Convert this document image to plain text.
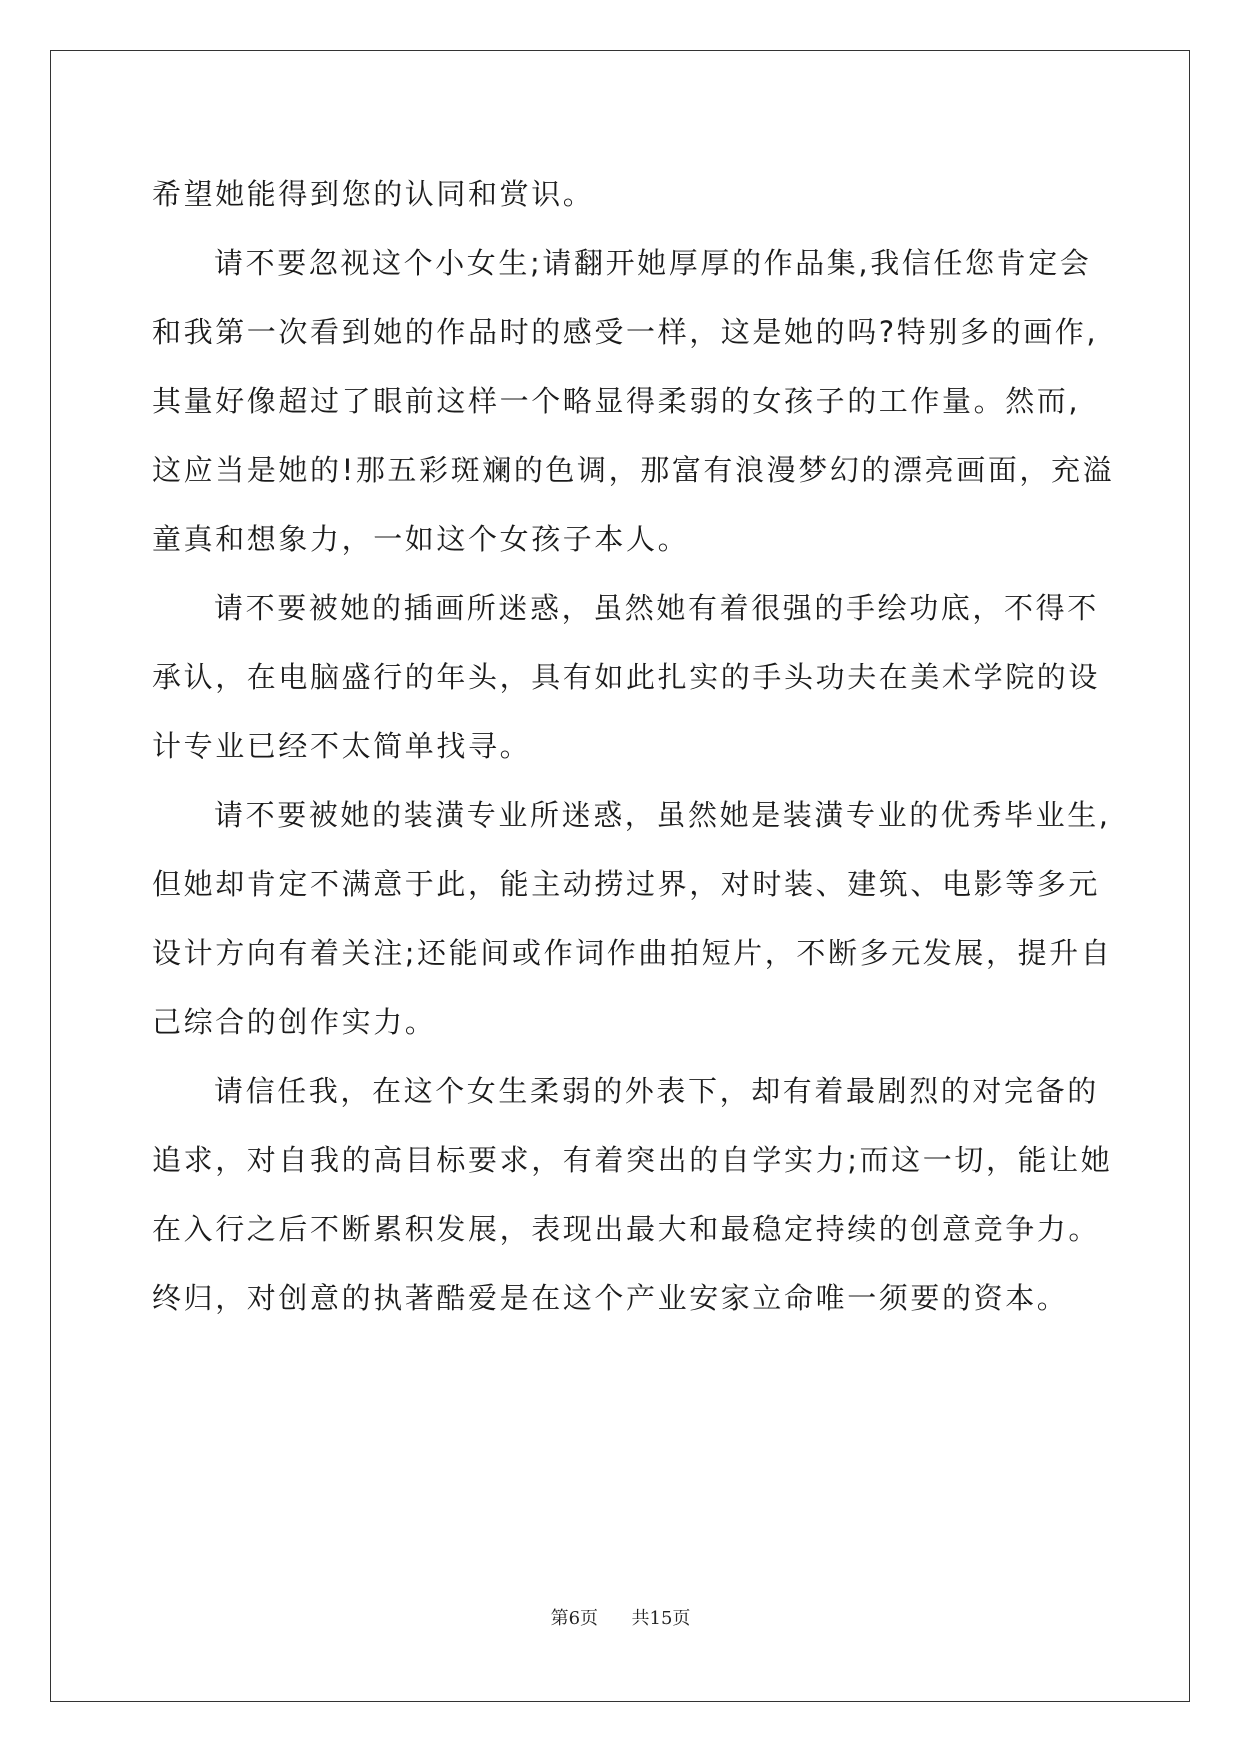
希望她能得到您的认同和赏识。
请不要忽视这个小女生;请翻开她厚厚的作品集,我信任您肯定会
和我第一次看到她的作品时的感受一样，这是她的吗?特别多的画作,
其量好像超过了眼前这样一个略显得柔弱的女孩子的工作量。然而,
这应当是她的!那五彩斑斓的色调，那富有浪漫梦幻的漂亮画面，充溢
童真和想象力，一如这个女孩子本人。
请不要被她的插画所迷惑，虽然她有着很强的手绘功底，不得不
承认，在电脑盛行的年头，具有如此扎实的手头功夫在美术学院的设
计专业已经不太简单找寻。
请不要被她的装潢专业所迷惑，虽然她是装潢专业的优秀毕业生,
但她却肯定不满意于此，能主动捞过界，对时装、建筑、电影等多元
设计方向有着关注;还能间或作词作曲拍短片，不断多元发展，提升自
己综合的创作实力。
请信任我，在这个女生柔弱的外表下，却有着最剧烈的对完备的
追求，对自我的高目标要求，有着突出的自学实力;而这一切，能让她
在入行之后不断累积发展，表现出最大和最稳定持续的创意竞争力。
终归，对创意的执著酷爱是在这个产业安家立命唯一须要的资本。
第6页 共15页
